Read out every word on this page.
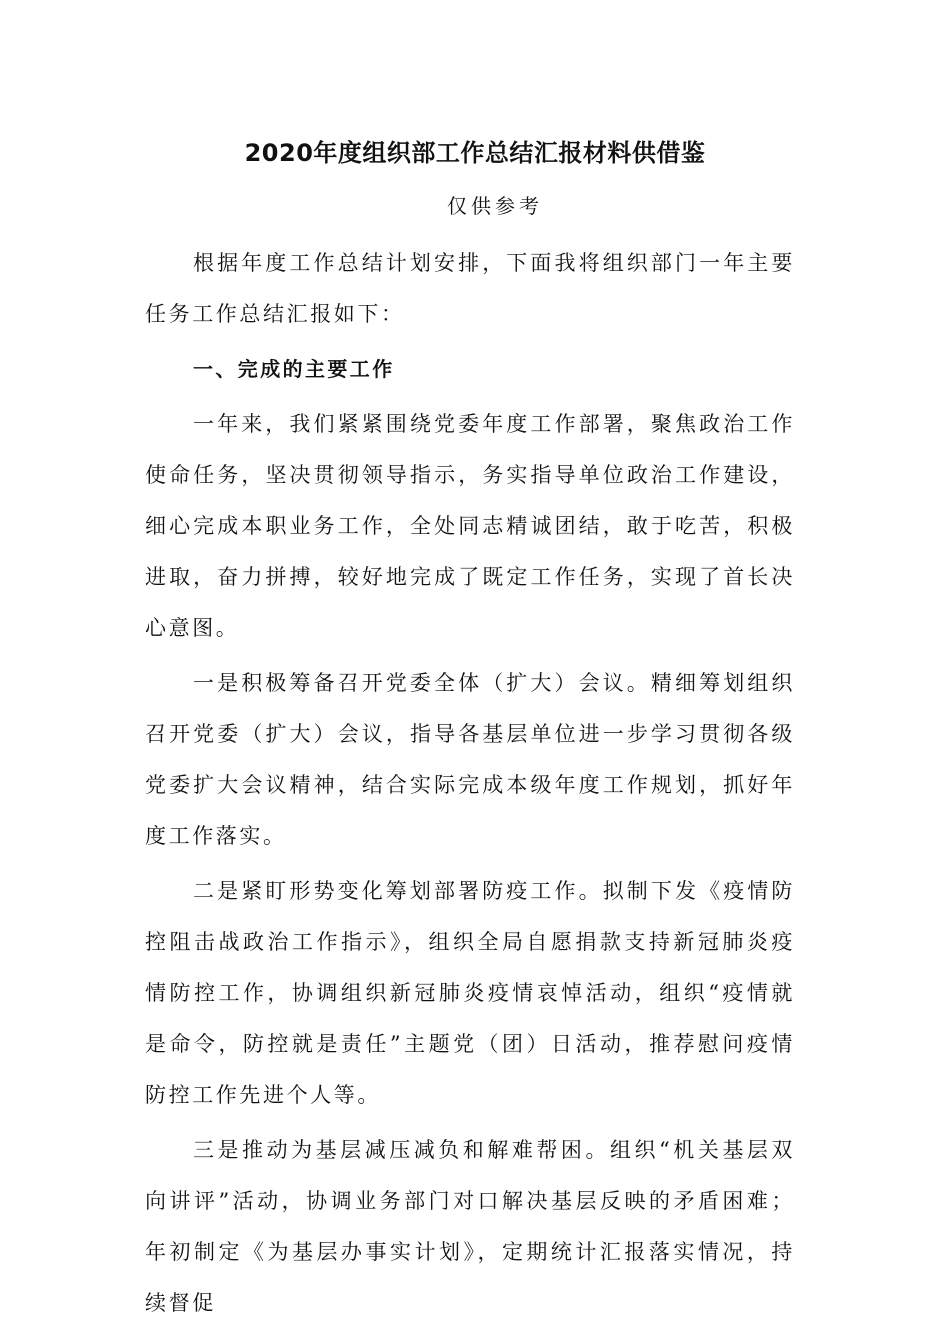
2020年度组织部工作总结汇报材料供借鉴
仅供参考

根据年度工作总结计划安排，下面我将组织部门一年主要任务工作总结汇报如下：

一、完成的主要工作

一年来，我们紧紧围绕党委年度工作部署，聚焦政治工作使命任务，坚决贯彻领导指示，务实指导单位政治工作建设，细心完成本职业务工作，全处同志精诚团结，敢于吃苦，积极进取，奋力拼搏，较好地完成了既定工作任务，实现了首长决心意图。

一是积极筹备召开党委全体（扩大）会议。精细筹划组织召开党委（扩大）会议，指导各基层单位进一步学习贯彻各级党委扩大会议精神，结合实际完成本级年度工作规划，抓好年度工作落实。

二是紧盯形势变化筹划部署防疫工作。拟制下发《疫情防控阻击战政治工作指示》，组织全局自愿捐款支持新冠肺炎疫情防控工作，协调组织新冠肺炎疫情哀悼活动，组织“疫情就是命令，防控就是责任”主题党（团）日活动，推荐慰问疫情防控工作先进个人等。

三是推动为基层减压减负和解难帮困。组织“机关基层双向讲评”活动，协调业务部门对口解决基层反映的矛盾困难；年初制定《为基层办事实计划》，定期统计汇报落实情况，持续督促
